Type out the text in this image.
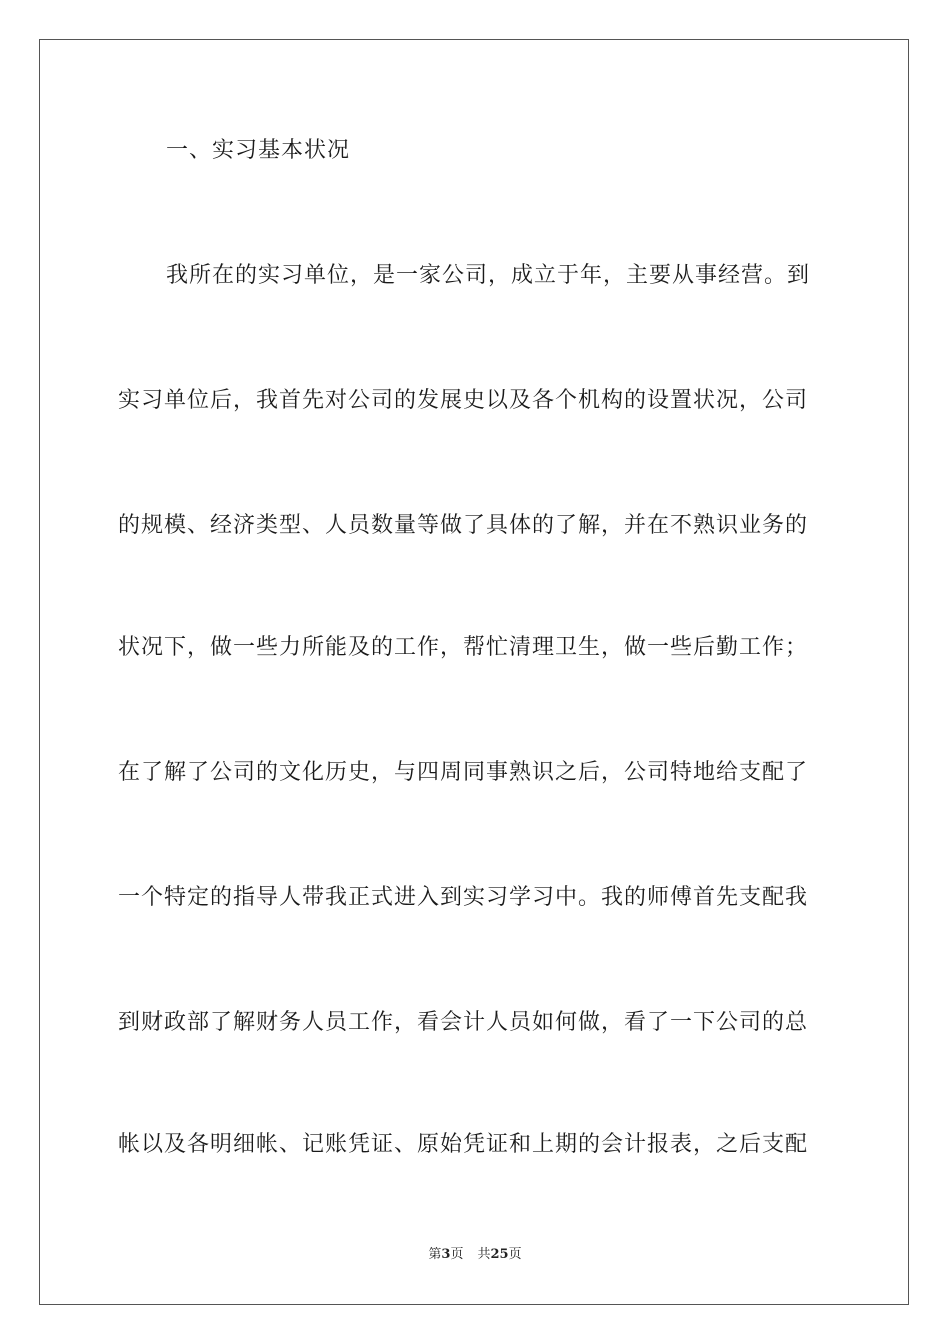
一、实习基本状况
我所在的实习单位，是一家公司，成立于年，主要从事经营。到
实习单位后，我首先对公司的发展史以及各个机构的设置状况，公司
的规模、经济类型、人员数量等做了具体的了解，并在不熟识业务的
状况下，做一些力所能及的工作，帮忙清理卫生，做一些后勤工作；
在了解了公司的文化历史，与四周同事熟识之后，公司特地给支配了
一个特定的指导人带我正式进入到实习学习中。我的师傅首先支配我
到财政部了解财务人员工作，看会计人员如何做，看了一下公司的总
帐以及各明细帐、记账凭证、原始凭证和上期的会计报表，之后支配
第3页 共25页
